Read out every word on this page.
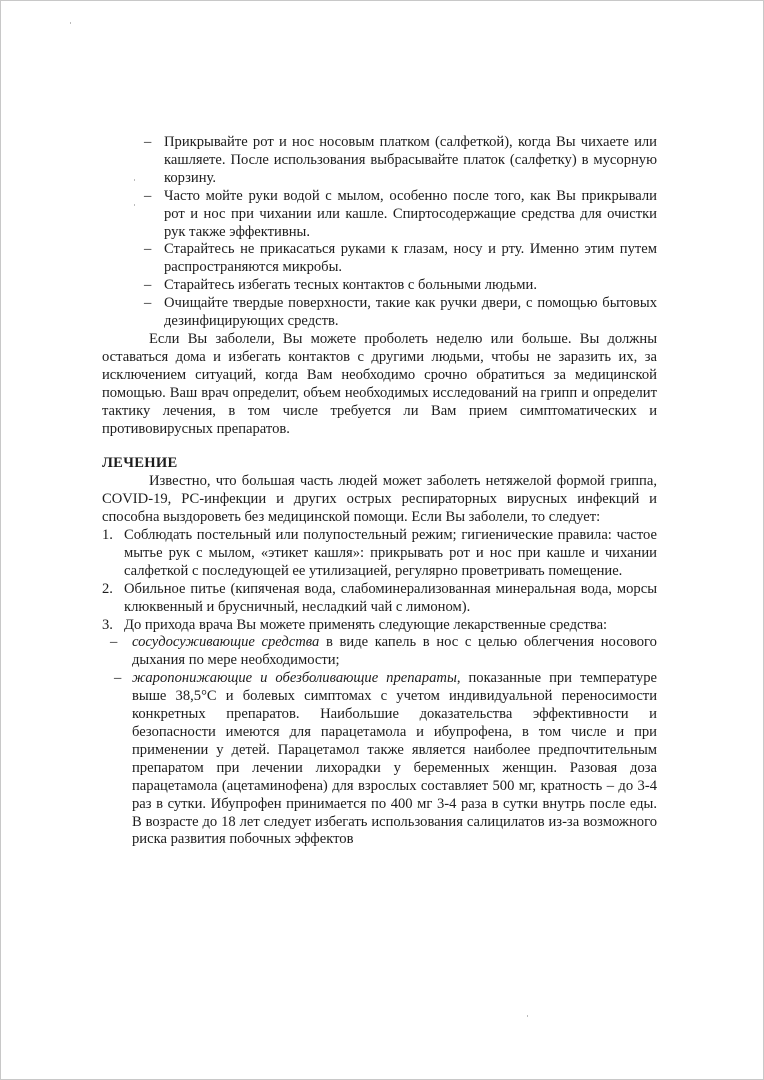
– Прикрывайте рот и нос носовым платком (салфеткой), когда Вы чихаете или кашляете. После использования выбрасывайте платок (салфетку) в мусорную корзину.
– Часто мойте руки водой с мылом, особенно после того, как Вы прикрывали рот и нос при чихании или кашле. Спиртосодержащие средства для очистки рук также эффективны.
– Старайтесь не прикасаться руками к глазам, носу и рту. Именно этим путем распространяются микробы.
– Старайтесь избегать тесных контактов с больными людьми.
– Очищайте твердые поверхности, такие как ручки двери, с помощью бытовых дезинфицирующих средств.

Если Вы заболели, Вы можете проболеть неделю или больше. Вы должны оставаться дома и избегать контактов с другими людьми, чтобы не заразить их, за исключением ситуаций, когда Вам необходимо срочно обратиться за медицинской помощью. Ваш врач определит, объем необходимых исследований на грипп и определит тактику лечения, в том числе требуется ли Вам прием симптоматических и противовирусных препаратов.

ЛЕЧЕНИЕ

Известно, что большая часть людей может заболеть нетяжелой формой гриппа, COVID-19, РС-инфекции и других острых респираторных вирусных инфекций и способна выздороветь без медицинской помощи. Если Вы заболели, то следует:

1. Соблюдать постельный или полупостельный режим; гигиенические правила: частое мытье рук с мылом, «этикет кашля»: прикрывать рот и нос при кашле и чихании салфеткой с последующей ее утилизацией, регулярно проветривать помещение.
2. Обильное питье (кипяченая вода, слабоминерализованная минеральная вода, морсы клюквенный и брусничный, несладкий чай с лимоном).
3. До прихода врача Вы можете применять следующие лекарственные средства:
– сосудосуживающие средства в виде капель в нос с целью облегчения носового дыхания по мере необходимости;
– жаропонижающие и обезболивающие препараты, показанные при температуре выше 38,5°C и болевых симптомах с учетом индивидуальной переносимости конкретных препаратов. Наибольшие доказательства эффективности и безопасности имеются для парацетамола и ибупрофена, в том числе и при применении у детей. Парацетамол также является наиболее предпочтительным препаратом при лечении лихорадки у беременных женщин. Разовая доза парацетамола (ацетаминофена) для взрослых составляет 500 мг, кратность – до 3-4 раз в сутки. Ибупрофен принимается по 400 мг 3-4 раза в сутки внутрь после еды. В возрасте до 18 лет следует избегать использования салицилатов из-за возможного риска развития побочных эффектов
